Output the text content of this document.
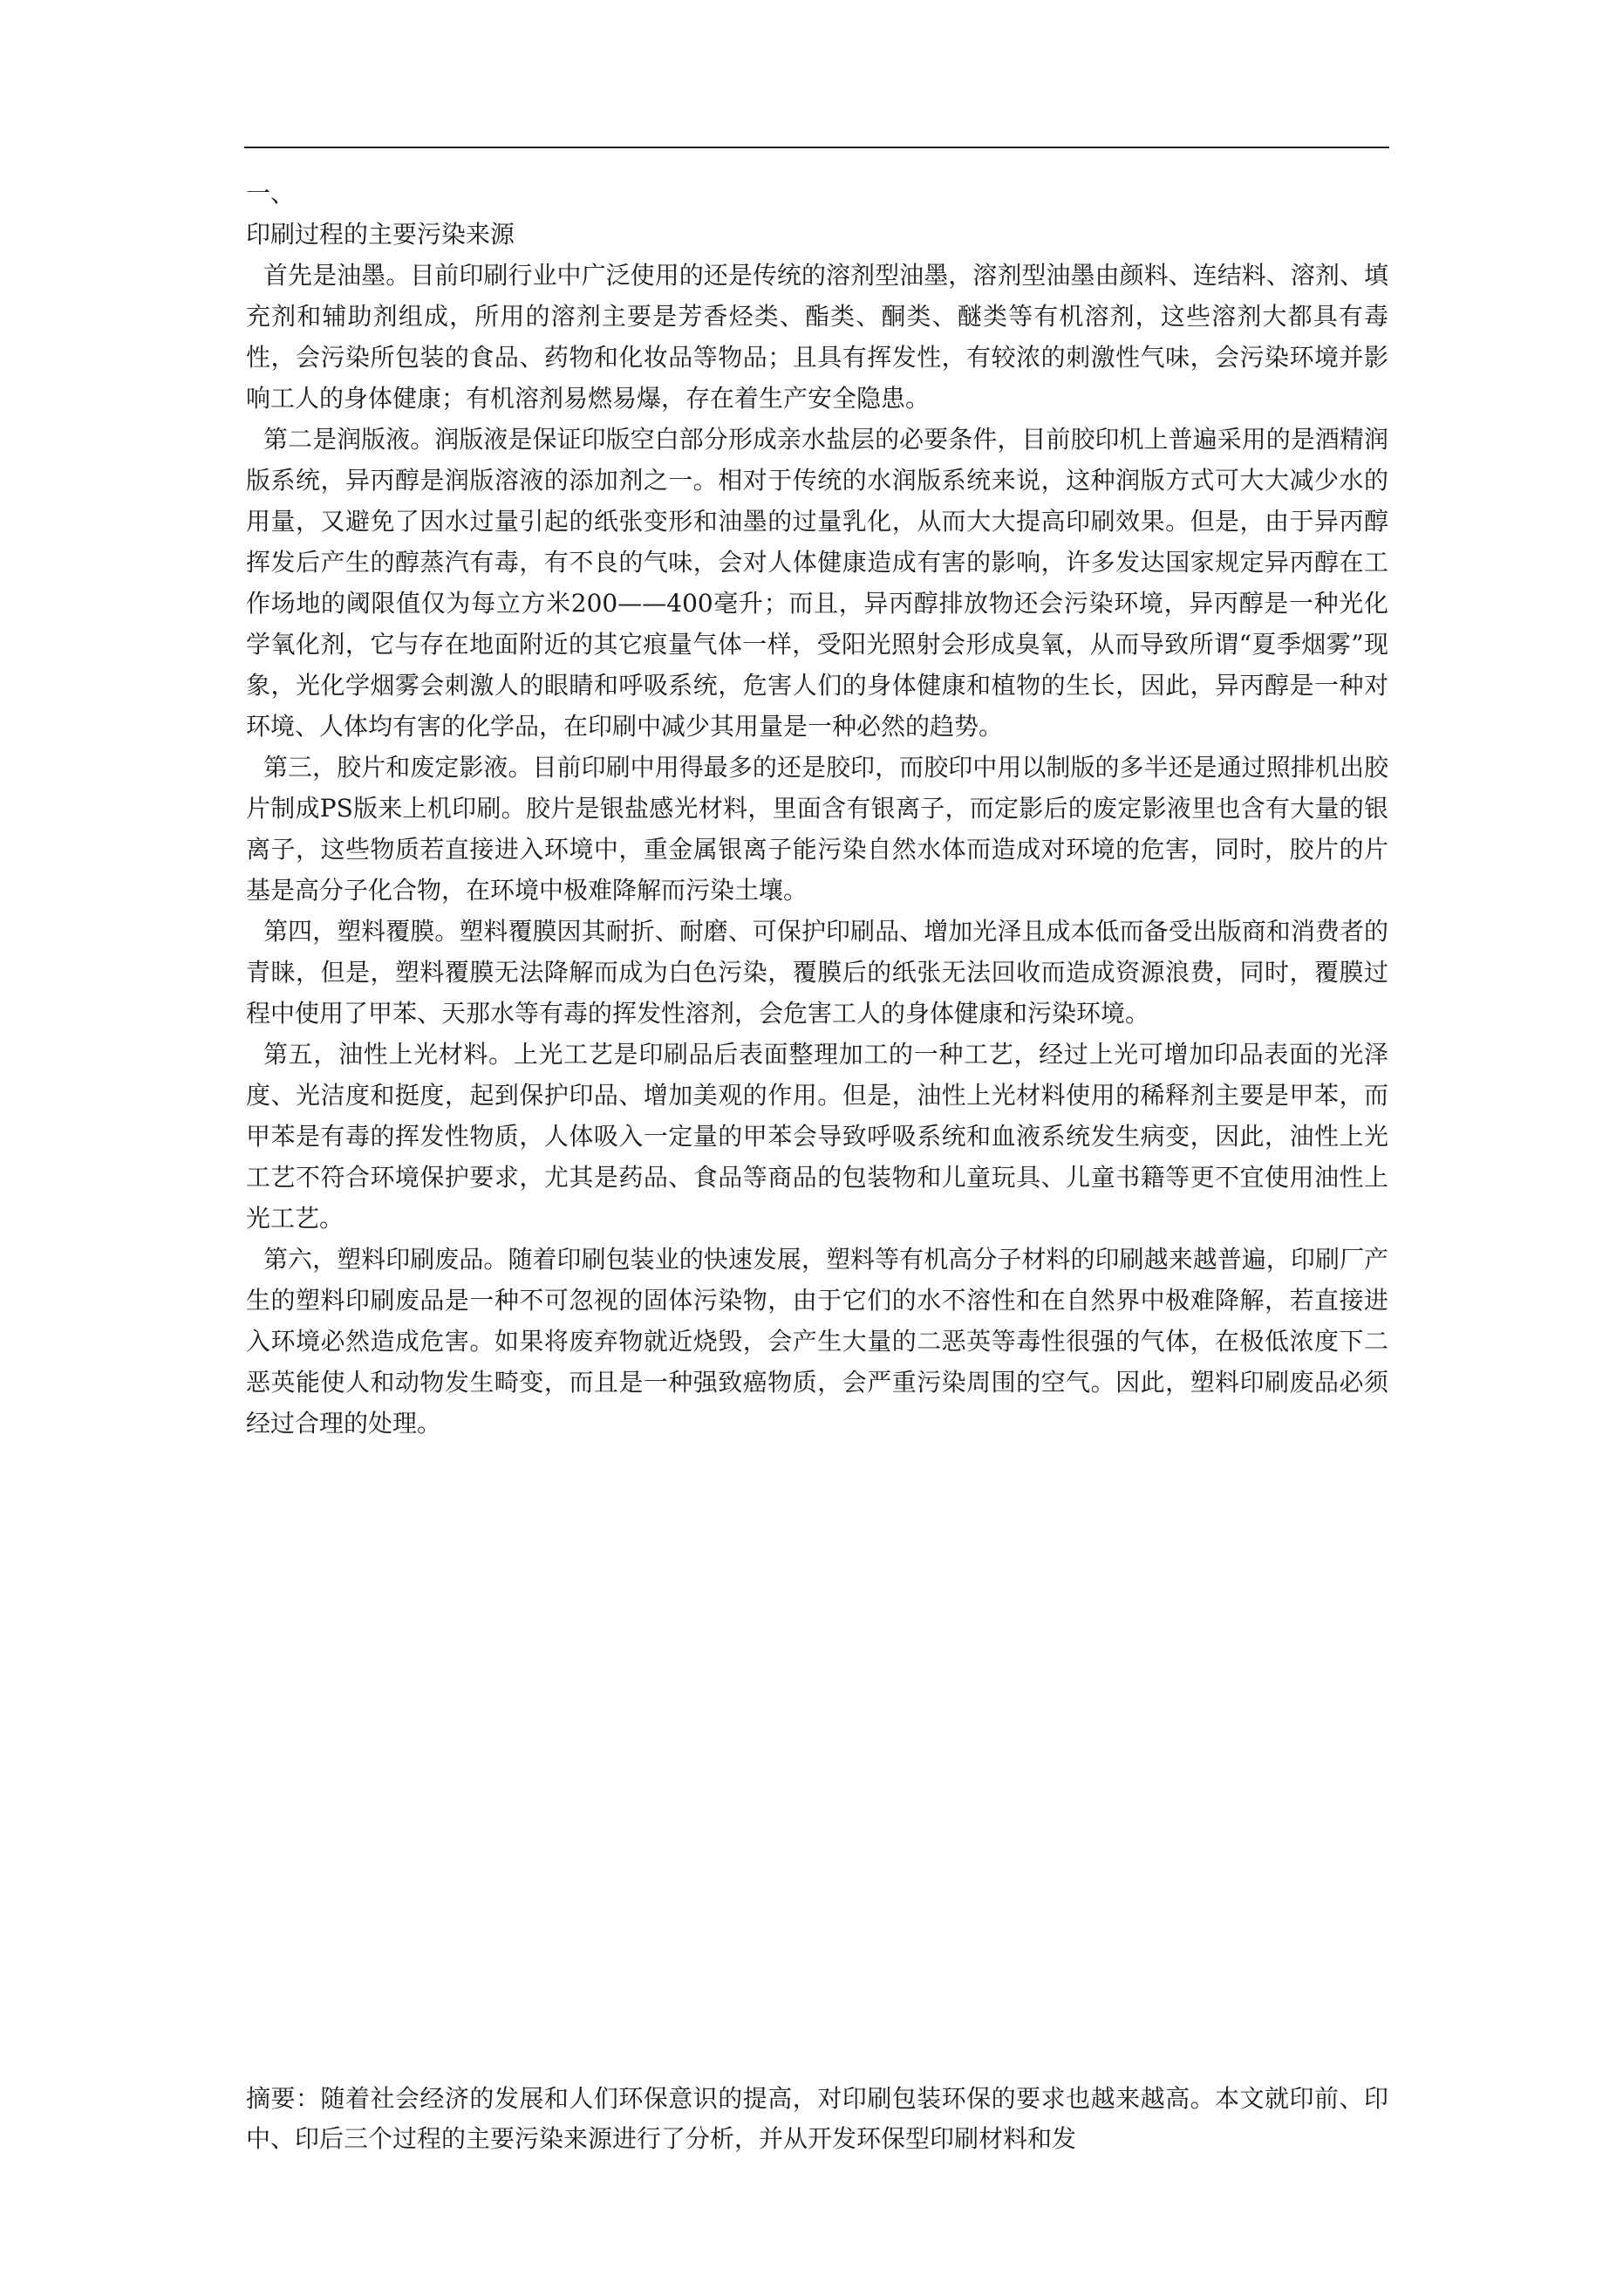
一、

印刷过程的主要污染来源

首先是油墨。目前印刷行业中广泛使用的还是传统的溶剂型油墨，溶剂型油墨由颜料、连结料、溶剂、填充剂和辅助剂组成，所用的溶剂主要是芳香烃类、酯类、酮类、醚类等有机溶剂，这些溶剂大都具有毒性，会污染所包装的食品、药物和化妆品等物品；且具有挥发性，有较浓的刺激性气味，会污染环境并影响工人的身体健康；有机溶剂易燃易爆，存在着生产安全隐患。

第二是润版液。润版液是保证印版空白部分形成亲水盐层的必要条件，目前胶印机上普遍采用的是酒精润版系统，异丙醇是润版溶液的添加剂之一。相对于传统的水润版系统来说，这种润版方式可大大减少水的用量，又避免了因水过量引起的纸张变形和油墨的过量乳化，从而大大提高印刷效果。但是，由于异丙醇挥发后产生的醇蒸汽有毒，有不良的气味，会对人体健康造成有害的影响，许多发达国家规定异丙醇在工作场地的阈限值仅为每立方米200——400毫升；而且，异丙醇排放物还会污染环境，异丙醇是一种光化学氧化剂，它与存在地面附近的其它痕量气体一样，受阳光照射会形成臭氧，从而导致所谓“夏季烟雾”现象，光化学烟雾会刺激人的眼睛和呼吸系统，危害人们的身体健康和植物的生长，因此，异丙醇是一种对环境、人体均有害的化学品，在印刷中减少其用量是一种必然的趋势。

第三，胶片和废定影液。目前印刷中用得最多的还是胶印，而胶印中用以制版的多半还是通过照排机出胶片制成PS版来上机印刷。胶片是银盐感光材料，里面含有银离子，而定影后的废定影液里也含有大量的银离子，这些物质若直接进入环境中，重金属银离子能污染自然水体而造成对环境的危害，同时，胶片的片基是高分子化合物，在环境中极难降解而污染土壤。

第四，塑料覆膜。塑料覆膜因其耐折、耐磨、可保护印刷品、增加光泽且成本低而备受出版商和消费者的青睐，但是，塑料覆膜无法降解而成为白色污染，覆膜后的纸张无法回收而造成资源浪费，同时，覆膜过程中使用了甲苯、天那水等有毒的挥发性溶剂，会危害工人的身体健康和污染环境。

第五，油性上光材料。上光工艺是印刷品后表面整理加工的一种工艺，经过上光可增加印品表面的光泽度、光洁度和挺度，起到保护印品、增加美观的作用。但是，油性上光材料使用的稀释剂主要是甲苯，而甲苯是有毒的挥发性物质，人体吸入一定量的甲苯会导致呼吸系统和血液系统发生病变，因此，油性上光工艺不符合环境保护要求，尤其是药品、食品等商品的包装物和儿童玩具、儿童书籍等更不宜使用油性上光工艺。

第六，塑料印刷废品。随着印刷包装业的快速发展，塑料等有机高分子材料的印刷越来越普遍，印刷厂产生的塑料印刷废品是一种不可忽视的固体污染物，由于它们的水不溶性和在自然界中极难降解，若直接进入环境必然造成危害。如果将废弃物就近烧毁，会产生大量的二恶英等毒性很强的气体，在极低浓度下二恶英能使人和动物发生畸变，而且是一种强致癌物质，会严重污染周围的空气。因此，塑料印刷废品必须经过合理的处理。

摘要：随着社会经济的发展和人们环保意识的提高，对印刷包装环保的要求也越来越高。本文就印前、印中、印后三个过程的主要污染来源进行了分析，并从开发环保型印刷材料和发
